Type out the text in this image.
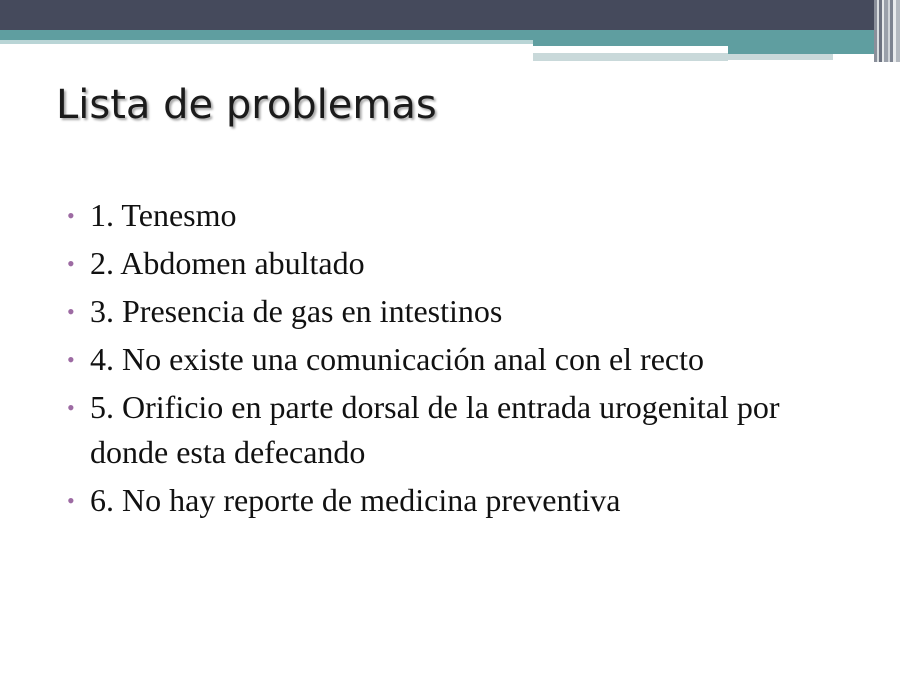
Lista de problemas
• 1. Tenesmo
• 2. Abdomen abultado
• 3. Presencia de gas en intestinos
• 4. No existe una comunicación anal con el recto
• 5. Orificio en parte dorsal de la entrada urogenital por donde esta defecando
• 6. No hay reporte de medicina preventiva
